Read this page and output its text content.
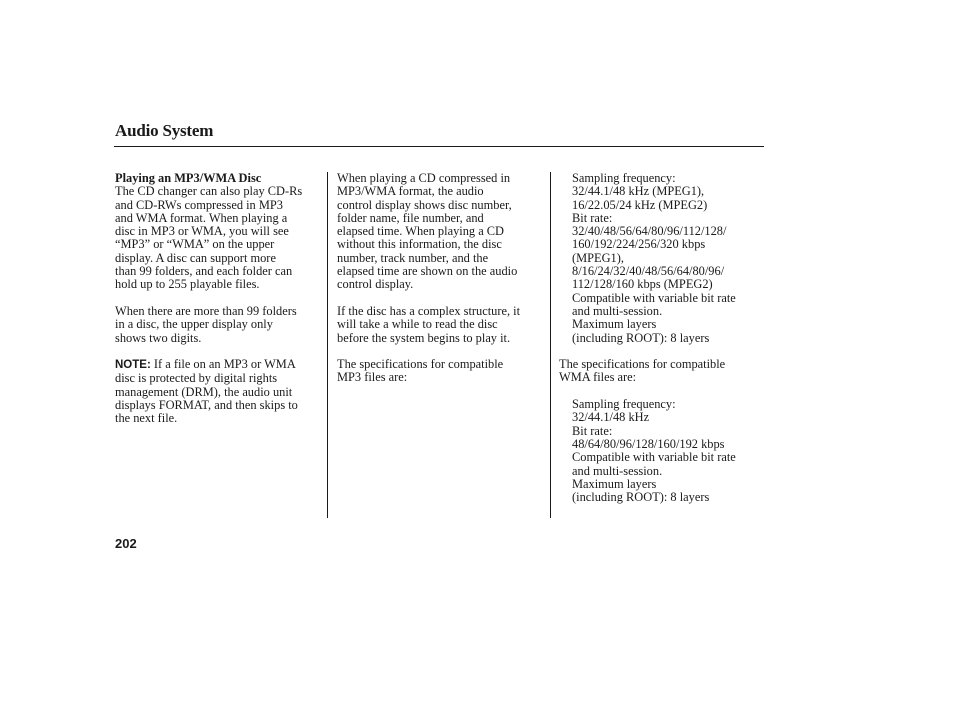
Audio System

Playing an MP3/WMA Disc
The CD changer can also play CD-Rs
and CD-RWs compressed in MP3
and WMA format. When playing a
disc in MP3 or WMA, you will see
“MP3” or “WMA” on the upper
display. A disc can support more
than 99 folders, and each folder can
hold up to 255 playable files.

When there are more than 99 folders
in a disc, the upper display only
shows two digits.

NOTE: If a file on an MP3 or WMA
disc is protected by digital rights
management (DRM), the audio unit
displays FORMAT, and then skips to
the next file.

When playing a CD compressed in
MP3/WMA format, the audio
control display shows disc number,
folder name, file number, and
elapsed time. When playing a CD
without this information, the disc
number, track number, and the
elapsed time are shown on the audio
control display.

If the disc has a complex structure, it
will take a while to read the disc
before the system begins to play it.

The specifications for compatible
MP3 files are:

Sampling frequency:
32/44.1/48 kHz (MPEG1),
16/22.05/24 kHz (MPEG2)
Bit rate:
32/40/48/56/64/80/96/112/128/
160/192/224/256/320 kbps
(MPEG1),
8/16/24/32/40/48/56/64/80/96/
112/128/160 kbps (MPEG2)
Compatible with variable bit rate
and multi-session.
Maximum layers
(including ROOT): 8 layers

The specifications for compatible
WMA files are:

Sampling frequency:
32/44.1/48 kHz
Bit rate:
48/64/80/96/128/160/192 kbps
Compatible with variable bit rate
and multi-session.
Maximum layers
(including ROOT): 8 layers

202
